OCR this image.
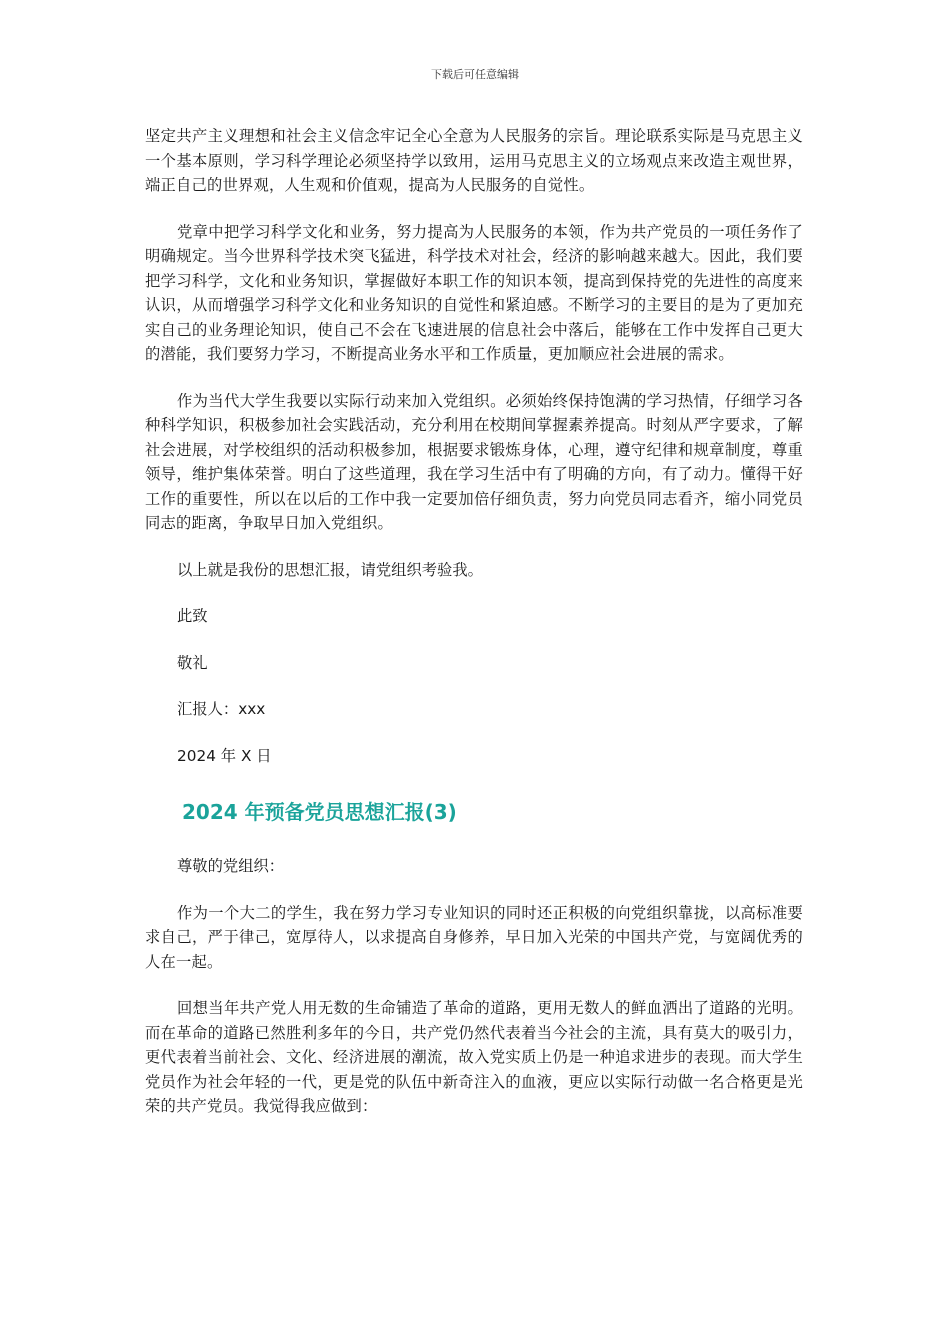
下载后可任意编辑

坚定共产主义理想和社会主义信念牢记全心全意为人民服务的宗旨。理论联系实际是马克思主义一个基本原则，学习科学理论必须坚持学以致用，运用马克思主义的立场观点来改造主观世界，端正自己的世界观，人生观和价值观，提高为人民服务的自觉性。

党章中把学习科学文化和业务，努力提高为人民服务的本领，作为共产党员的一项任务作了明确规定。当今世界科学技术突飞猛进，科学技术对社会，经济的影响越来越大。因此，我们要把学习科学，文化和业务知识，掌握做好本职工作的知识本领，提高到保持党的先进性的高度来认识，从而增强学习科学文化和业务知识的自觉性和紧迫感。不断学习的主要目的是为了更加充实自己的业务理论知识，使自己不会在飞速进展的信息社会中落后，能够在工作中发挥自己更大的潜能，我们要努力学习，不断提高业务水平和工作质量，更加顺应社会进展的需求。

作为当代大学生我要以实际行动来加入党组织。必须始终保持饱满的学习热情，仔细学习各种科学知识，积极参加社会实践活动，充分利用在校期间掌握素养提高。时刻从严字要求，了解社会进展，对学校组织的活动积极参加，根据要求锻炼身体，心理，遵守纪律和规章制度，尊重领导，维护集体荣誉。明白了这些道理，我在学习生活中有了明确的方向，有了动力。懂得干好工作的重要性，所以在以后的工作中我一定要加倍仔细负责，努力向党员同志看齐，缩小同党员同志的距离，争取早日加入党组织。

以上就是我份的思想汇报，请党组织考验我。

此致

敬礼

汇报人：xxx

2024 年 X 日

2024 年预备党员思想汇报(3)

尊敬的党组织：

作为一个大二的学生，我在努力学习专业知识的同时还正积极的向党组织靠拢，以高标准要求自己，严于律己，宽厚待人，以求提高自身修养，早日加入光荣的中国共产党，与宽阔优秀的人在一起。

回想当年共产党人用无数的生命铺造了革命的道路，更用无数人的鲜血洒出了道路的光明。而在革命的道路已然胜利多年的今日，共产党仍然代表着当今社会的主流，具有莫大的吸引力，更代表着当前社会、文化、经济进展的潮流，故入党实质上仍是一种追求进步的表现。而大学生党员作为社会年轻的一代，更是党的队伍中新奇注入的血液，更应以实际行动做一名合格更是光荣的共产党员。我觉得我应做到：
